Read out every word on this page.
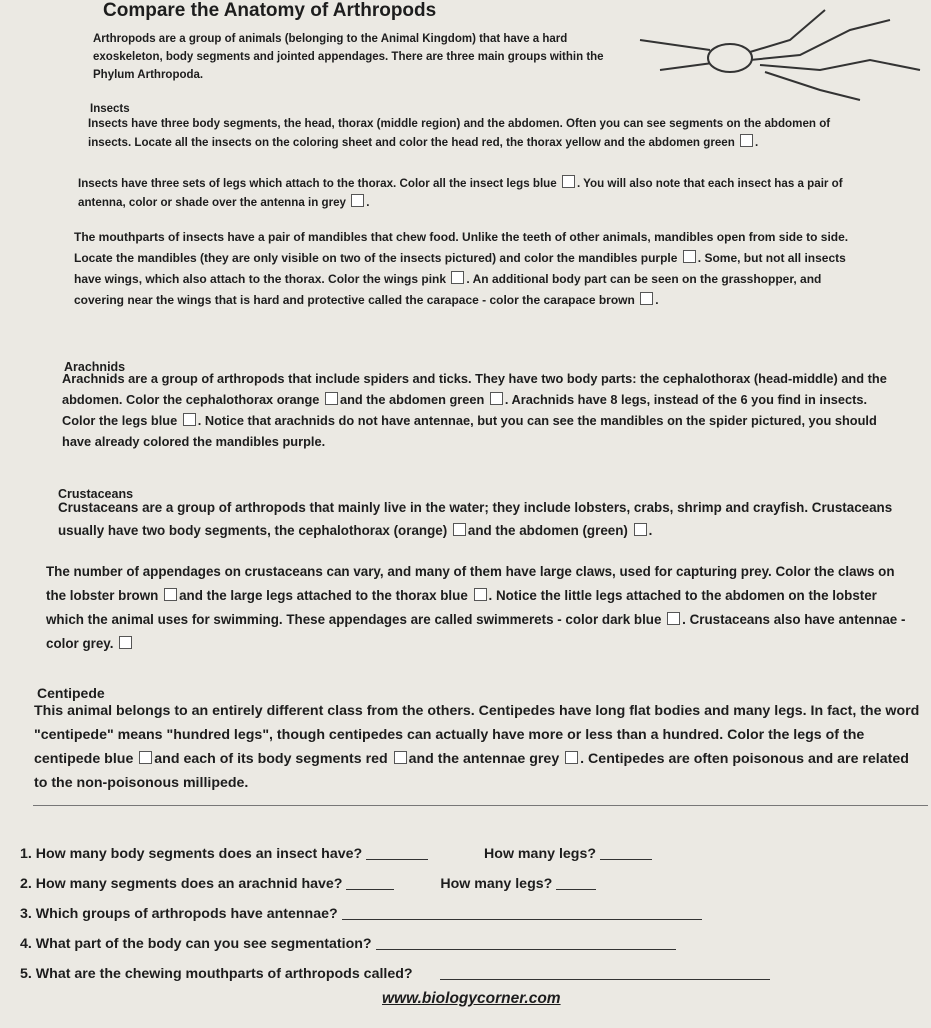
Compare the Anatomy of Arthropods
Arthropods are a group of animals (belonging to the Animal Kingdom) that have a hard exoskeleton, body segments and jointed appendages. There are three main groups within the Phylum Arthropoda.
Insects
Insects have three body segments, the head, thorax (middle region) and the abdomen. Often you can see segments on the abdomen of insects. Locate all the insects on the coloring sheet and color the head red, the thorax yellow and the abdomen green .
Insects have three sets of legs which attach to the thorax. Color all the insect legs blue . You will also note that each insect has a pair of antenna, color or shade over the antenna in grey .
The mouthparts of insects have a pair of mandibles that chew food. Unlike the teeth of other animals, mandibles open from side to side. Locate the mandibles (they are only visible on two of the insects pictured) and color the mandibles purple . Some, but not all insects have wings, which also attach to the thorax. Color the wings pink . An additional body part can be seen on the grasshopper, and covering near the wings that is hard and protective called the carapace - color the carapace brown .
Arachnids
Arachnids are a group of arthropods that include spiders and ticks. They have two body parts: the cephalothorax (head-middle) and the abdomen. Color the cephalothorax orange and the abdomen green . Arachnids have 8 legs, instead of the 6 you find in insects. Color the legs blue . Notice that arachnids do not have antennae, but you can see the mandibles on the spider pictured, you should have already colored the mandibles purple.
Crustaceans
Crustaceans are a group of arthropods that mainly live in the water; they include lobsters, crabs, shrimp and crayfish. Crustaceans usually have two body segments, the cephalothorax (orange) and the abdomen (green) .
The number of appendages on crustaceans can vary, and many of them have large claws, used for capturing prey. Color the claws on the lobster brown and the large legs attached to the thorax blue . Notice the little legs attached to the abdomen on the lobster which the animal uses for swimming. These appendages are called swimmerets - color dark blue . Crustaceans also have antennae - color grey.
Centipede
This animal belongs to an entirely different class from the others. Centipedes have long flat bodies and many legs. In fact, the word "centipede" means "hundred legs", though centipedes can actually have more or less than a hundred. Color the legs of the centipede blue and each of its body segments red and the antennae grey . Centipedes are often poisonous and are related to the non-poisonous millipede.
1. How many body segments does an insect have?	How many legs?
2. How many segments does an arachnid have?	How many legs?
3. Which groups of arthropods have antennae?
4. What part of the body can you see segmentation?
5. What are the chewing mouthparts of arthropods called?
www.biologycorner.com
